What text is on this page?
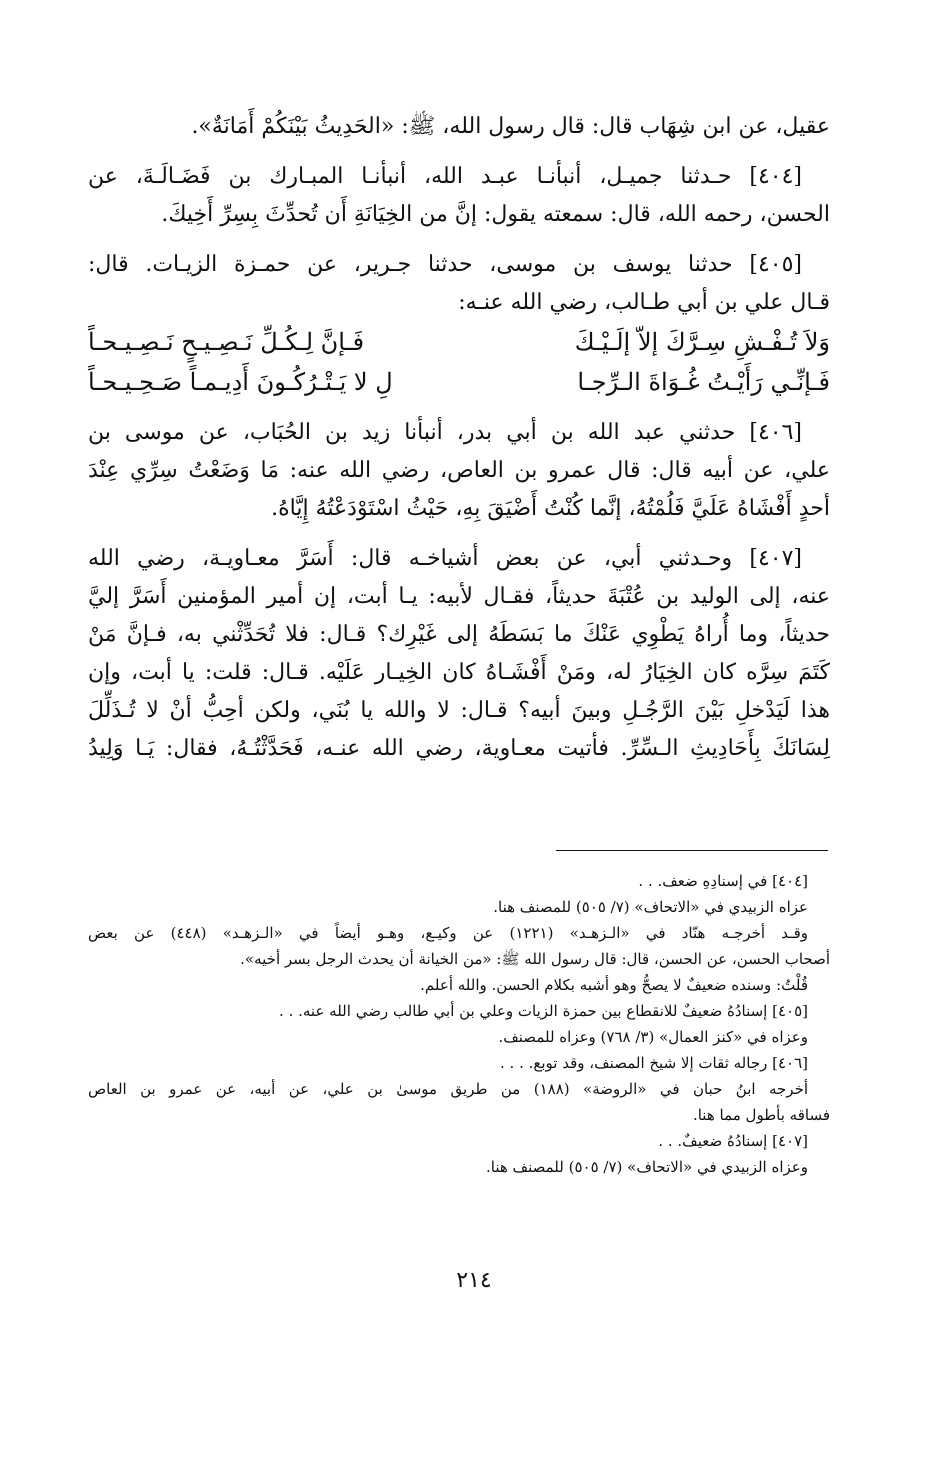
عقيل، عن ابن شِهَاب قال: قال رسول الله، ﷺ: «الحَدِيثُ بَيْنَكُمْ أَمَانَةٌ».
[٤٠٤] حـدثنا جميـل، أنبأنـا عبـد الله، أنبأنـا المبـارك بن فَضَـالَـةَ، عن
الحسن، رحمه الله، قال: سمعته يقول: إنَّ من الخِيَانَةِ أَن تُحدِّثَ بِسِرِّ أَخِيكَ.
[٤٠٥] حدثنا يوسف بن موسى، حدثنا جـرير، عن حمـزة الزيـات. قال:
قـال علي بن أبي طـالب، رضي الله عنـه:
وَلاَ تُـفْـشِ سِـرَّكَ إلاّ إلَـيْـكَ
فَـإنَّ لِـكُـلِّ نَـصِـيـحٍ نَـصِـيـحـاً
فَـإنِّـي رَأَيْـتُ غُـوَاةَ الـرِّجـا
لِ لا يَـتْـرُكُـونَ أَدِيـمـاً صَـحِـيـحـاً
[٤٠٦] حدثني عبد الله بن أبي بدر، أنبأنا زيد بن الحُبَاب، عن موسى بن
علي، عن أبيه قال: قال عمرو بن العاص، رضي الله عنه: مَا وَضَعْتُ سِرِّي عِنْدَ
أحدٍ أَفْشَاهُ عَلَيَّ فَلُمْتُهُ، إنَّما كُنْتُ أَضْيَقَ بِهِ، حَيْثُ اسْتَوْدَعْتُهُ إِيَّاهُ.
[٤٠٧] وحـدثني أبي، عن بعض أشياخـه قال: أَسَرَّ معـاويـة، رضي الله
عنه، إلى الوليد بن عُتْبَةَ حديثاً، فقـال لأبيه: يـا أبت، إن أمير المؤمنين أَسَرَّ إليَّ
حديثاً، وما أُراهُ يَطْوِي عَنْكَ ما بَسَطَهُ إلى غَيْرِك؟ قـال: فلا تُحَدِّثْني به، فـإنَّ مَنْ
كَتَمَ سِرَّه كان الخِيَارُ له، ومَنْ أَفْشَـاهُ كان الخِيـار عَلَيْه. قـال: قلت: يا أبت، وإن
هذا لَيَدْخلِ بَيْنَ الرَّجُـلِ وبينَ أبيه؟ قـال: لا والله يا بُنَي، ولكن أحِبُّ أنْ لا تُـذَلِّلَ
لِسَانَكَ بِأَحَادِيثِ الـسِّرِّ. فأتيت معـاوية، رضي الله عنـه، فَحَدَّثْتُـهُ، فقال: يَـا وَلِيدُ
[٤٠٤] في إسنادِهِ ضعف. . .
عزاه الزبيدي في «الاتحاف» (٧/ ٥٠٥) للمصنف هنا.
وقـد أخرجـه هنّاد في «الـزهـد» (١٢٢١) عن وكيـع، وهـو أيضاً في «الـزهـد» (٤٤٨) عن بعض
أصحاب الحسن، عن الحسن، قال: قال رسول الله ﷺ: «من الخيانة أن يحدث الرجل بسر أخيه».
قُلْتُ: وسنده ضعيفٌ لا يصحُّ وهو أشبه بكلام الحسن. والله أعلم.
[٤٠٥] إسنادُهُ ضعيفٌ للانقطاع بين حمزة الزيات وعلي بن أبي طالب رضي الله عنه. . .
وعزاه في «كنز العمال» (٣/ ٧٦٨) وعزاه للمصنف.
[٤٠٦] رجاله ثقات إلا شيخ المصنف، وقد توبع. . . .
أخرجه ابنُ حبان في «الروضة» (١٨٨) من طريق موسىٰ بن علي، عن أبيه، عن عمرو بن العاص
فساقه بأطول مما هنا.
[٤٠٧] إسنادُهُ ضعيفٌ. . .
وعزاه الزبيدي في «الاتحاف» (٧/ ٥٠٥) للمصنف هنا.
٢١٤
